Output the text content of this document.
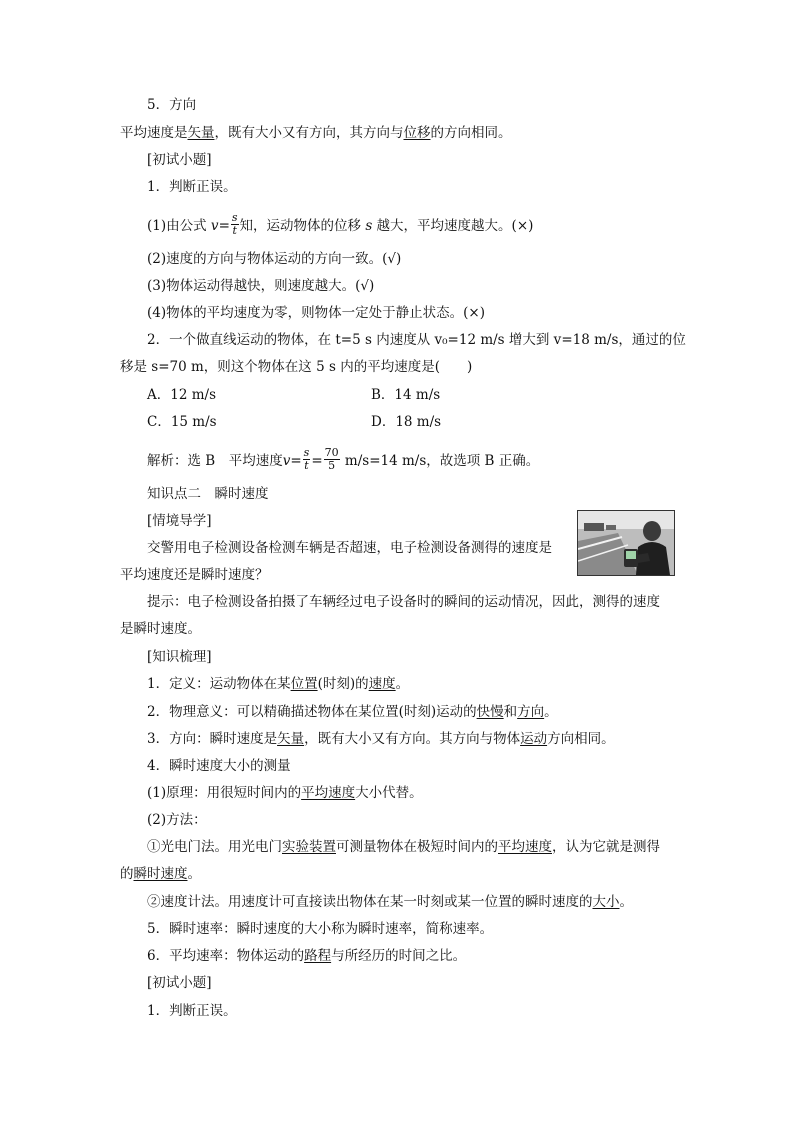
5．方向
平均速度是矢量，既有大小又有方向，其方向与位移的方向相同。
[初试小题]
1．判断正误。
(1)由公式 $v= \frac{s}{t}$ 知，运动物体的位移 s 越大，平均速度越大。(×)
(2)速度的方向与物体运动的方向一致。(√)
(3)物体运动得越快，则速度越大。(√)
(4)物体的平均速度为零，则物体一定处于静止状态。(×)
2．一个做直线运动的物体，在 t=5 s 内速度从 v₀=12 m/s 增大到 v=18 m/s，通过的位
移是 s=70 m，则这个物体在这 5 s 内的平均速度是(　　)
A．12 m/s	B．14 m/s
C．15 m/s	D．18 m/s
解析：选 B　平均速度$v= \frac{s}{t} = \frac{70}{5} m/s=14$ m/s，故选项 B 正确。
知识点二　瞬时速度
[情境导学]
交警用电子检测设备检测车辆是否超速，电子检测设备测得的速度是
平均速度还是瞬时速度？
提示：电子检测设备拍摄了车辆经过电子设备时的瞬间的运动情况，因此，测得的速度
是瞬时速度。
[知识梳理]
1．定义：运动物体在某位置(时刻)的速度。
2．物理意义：可以精确描述物体在某位置(时刻)运动的快慢和方向。
3．方向：瞬时速度是矢量，既有大小又有方向。其方向与物体运动方向相同。
4．瞬时速度大小的测量
(1)原理：用很短时间内的平均速度大小代替。
(2)方法：
①光电门法。用光电门实验装置可测量物体在极短时间内的平均速度，认为它就是测得
的瞬时速度。
②速度计法。用速度计可直接读出物体在某一时刻或某一位置的瞬时速度的大小。
5．瞬时速率：瞬时速度的大小称为瞬时速率，简称速率。
6．平均速率：物体运动的路程与所经历的时间之比。
[初试小题]
1．判断正误。
